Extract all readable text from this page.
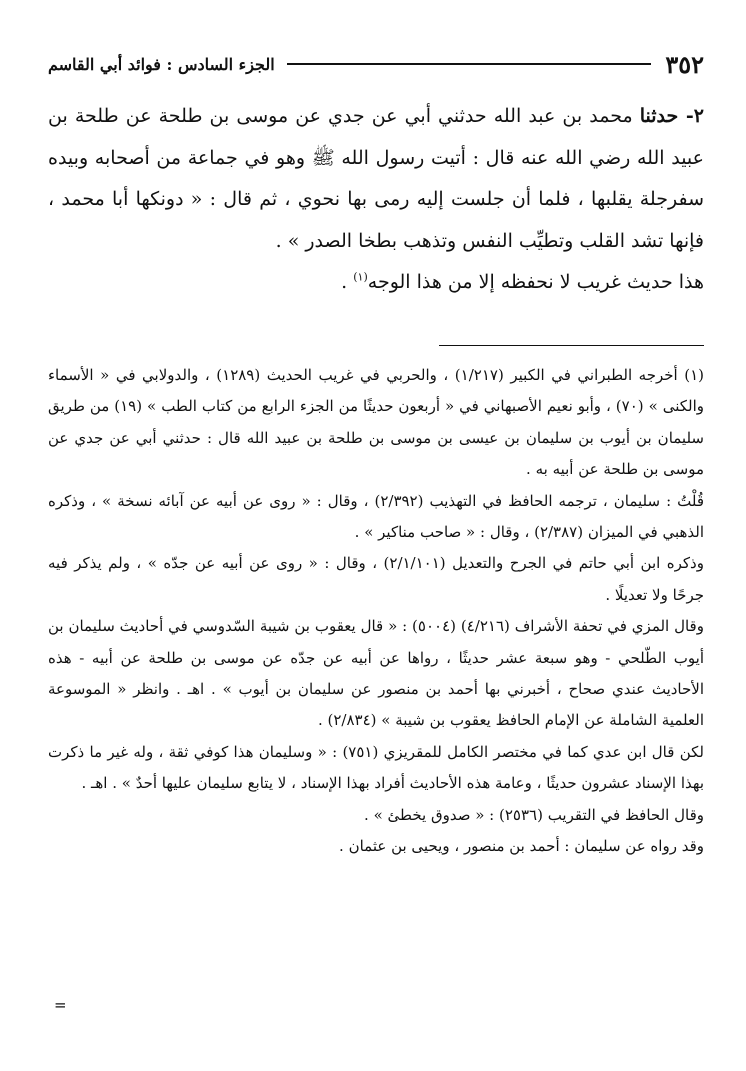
٣٥٢
الجزء السادس : فوائد أبي القاسم

٢- حدثنا محمد بن عبد الله حدثني أبي عن جدي عن موسى بن طلحة عن طلحة بن عبيد الله رضي الله عنه قال : أتيت رسول الله ﷺ وهو في جماعة من أصحابه وبيده سفرجلة يقلبها ، فلما أن جلست إليه رمى بها نحوي ، ثم قال : « دونكها أبا محمد ، فإنها تشد القلب وتطيِّب النفس وتذهب بطخا الصدر » .

هذا حديث غريب لا نحفظه إلا من هذا الوجه$^{(١)}$ .

(١) أخرجه الطبراني في الكبير (١/٢١٧) ، والحربي في غريب الحديث (١٢٨٩) ، والدولابي في « الأسماء والكنى » (٧٠) ، وأبو نعيم الأصبهاني في « أربعون حديثًا من الجزء الرابع من كتاب الطب » (١٩) من طريق سليمان بن أيوب بن سليمان بن عيسى بن موسى بن طلحة بن عبيد الله قال : حدثني أبي عن جدي عن موسى بن طلحة عن أبيه به .

قُلْتُ : سليمان ، ترجمه الحافظ في التهذيب (٢/٣٩٢) ، وقال : « روى عن أبيه عن آبائه نسخة » ، وذكره الذهبي في الميزان (٢/٣٨٧) ، وقال : « صاحب مناكير » .

وذكره ابن أبي حاتم في الجرح والتعديل (٢/١/١٠١) ، وقال : « روى عن أبيه عن جدّه » ، ولم يذكر فيه جرحًا ولا تعديلًا .

وقال المزي في تحفة الأشراف (٤/٢١٦) (٥٠٠٤) : « قال يعقوب بن شيبة السّدوسي في أحاديث سليمان بن أيوب الطّلحي - وهو سبعة عشر حديثًا ، رواها عن أبيه عن جدّه عن موسى بن طلحة عن أبيه - هذه الأحاديث عندي صحاح ، أخبرني بها أحمد بن منصور عن سليمان بن أيوب » . اهـ . وانظر « الموسوعة العلمية الشاملة عن الإمام الحافظ يعقوب بن شيبة » (٢/٨٣٤) .

لكن قال ابن عدي كما في مختصر الكامل للمقريزي (٧٥١) : « وسليمان هذا كوفي ثقة ، وله غير ما ذكرت بهذا الإسناد عشرون حديثًا ، وعامة هذه الأحاديث أفراد بهذا الإسناد ، لا يتابع سليمان عليها أحدٌ » . اهـ .

وقال الحافظ في التقريب (٢٥٣٦) : « صدوق يخطئ » .

وقد رواه عن سليمان : أحمد بن منصور ، ويحيى بن عثمان .

=
